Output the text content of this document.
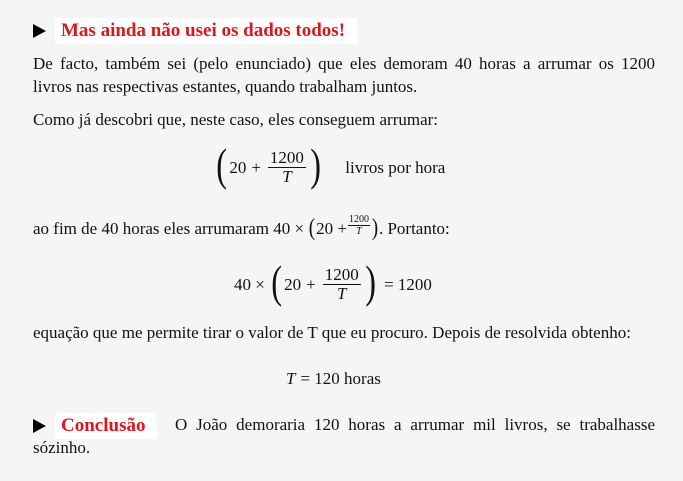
Mas ainda não usei os dados todos!
De facto, também sei (pelo enunciado) que eles demoram 40 horas a arrumar os 1200 livros nas respectivas estantes, quando trabalham juntos.
Como já descobri que, neste caso, eles conseguem arrumar:
( $20 + \frac{1200}{T}$ ) livros por hora
ao fim de 40 horas eles arrumaram 40 × ( $20 + \frac{1200}{T}$ ) . Portanto:
40 × ( $20 + \frac{1200}{T}$ ) = 1200
equação que me permite tirar o valor de T que eu procuro. Depois de resolvida obtenho:
T = 120 horas
Conclusão	O João demoraria 120 horas a arrumar mil livros, se trabalhasse sózinho.
